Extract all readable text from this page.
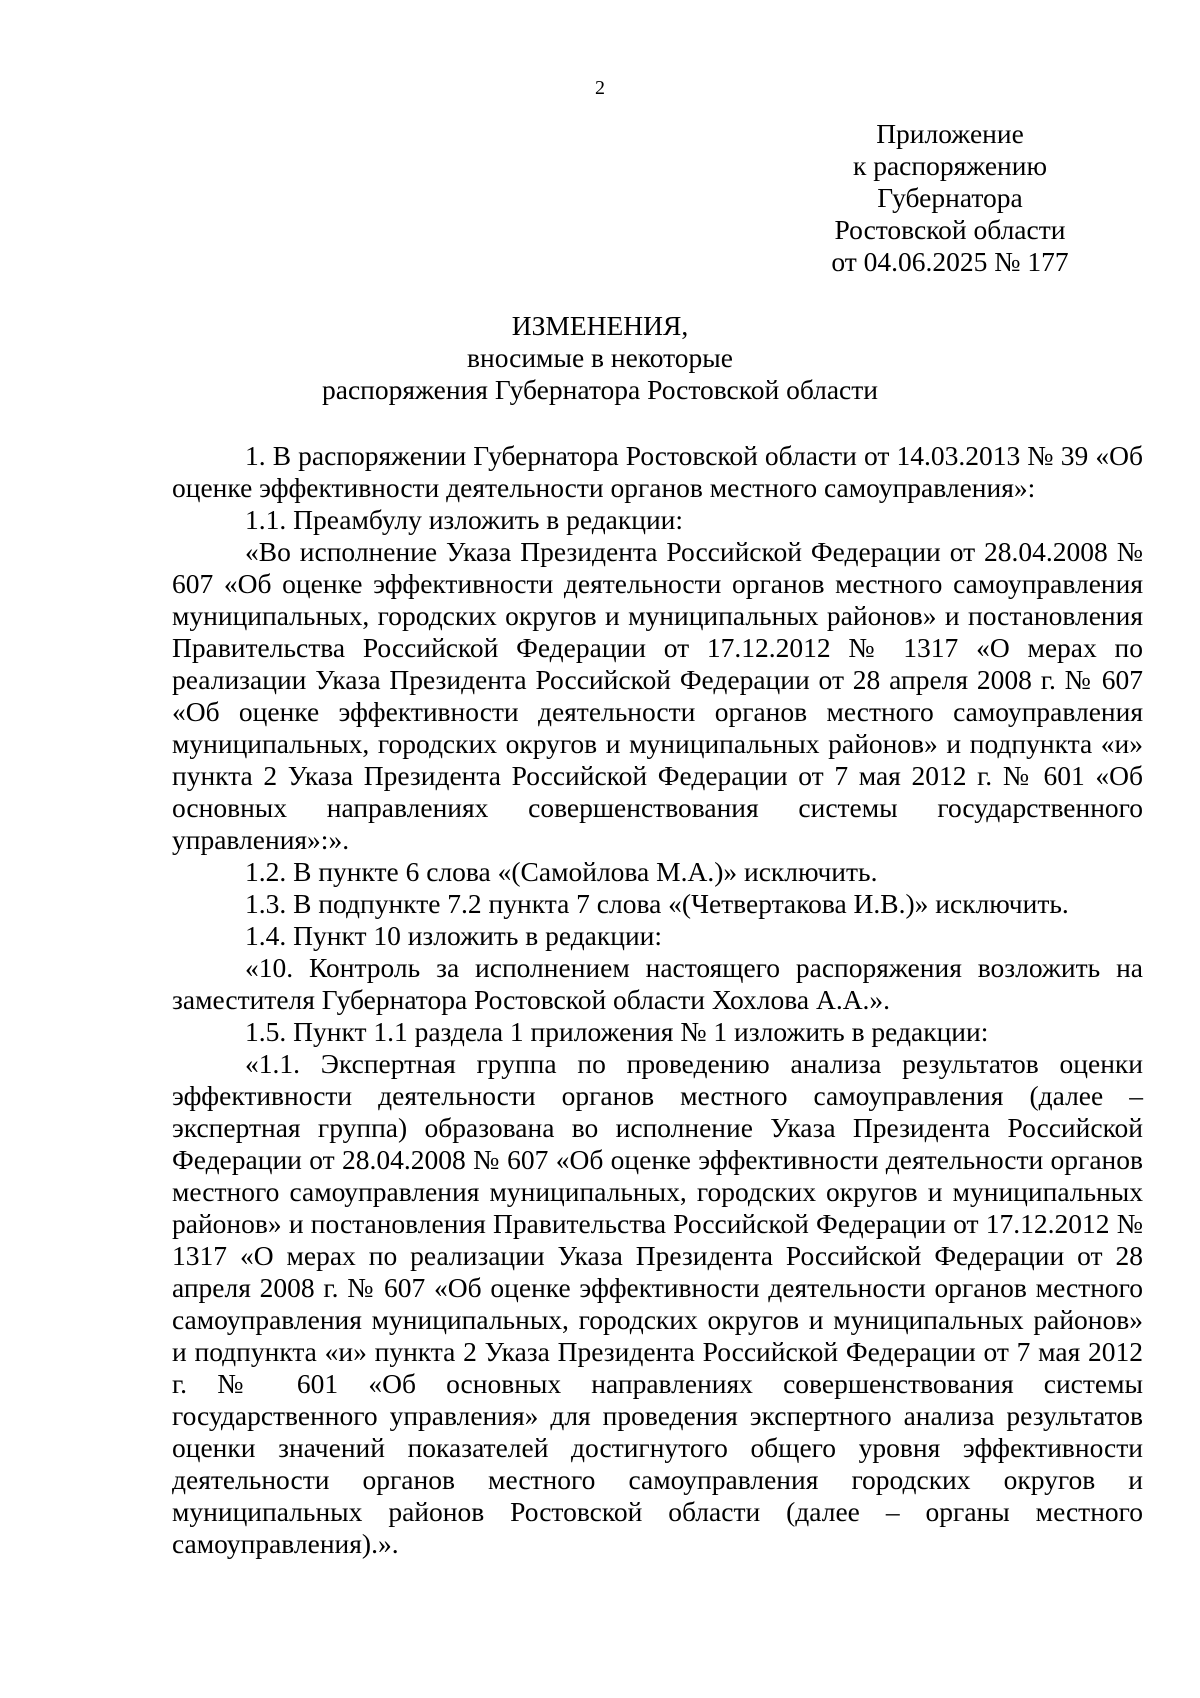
2
Приложение
к распоряжению
Губернатора
Ростовской области
от 04.06.2025 № 177
ИЗМЕНЕНИЯ,
вносимые в некоторые
распоряжения Губернатора Ростовской области

1. В распоряжении Губернатора Ростовской области от 14.03.2013 № 39 «Об оценке эффективности деятельности органов местного самоуправления»:

1.1. Преамбулу изложить в редакции:

«Во исполнение Указа Президента Российской Федерации от 28.04.2008 № 607 «Об оценке эффективности деятельности органов местного самоуправления муниципальных, городских округов и муниципальных районов» и постановления Правительства Российской Федерации от 17.12.2012 № 1317 «О мерах по реализации Указа Президента Российской Федерации от 28 апреля 2008 г. № 607 «Об оценке эффективности деятельности органов местного самоуправления муниципальных, городских округов и муниципальных районов» и подпункта «и» пункта 2 Указа Президента Российской Федерации от 7 мая 2012 г. № 601 «Об основных направлениях совершенствования системы государственного управления»:».

1.2. В пункте 6 слова «(Самойлова М.А.)» исключить.

1.3. В подпункте 7.2 пункта 7 слова «(Четвертакова И.В.)» исключить.

1.4. Пункт 10 изложить в редакции:

«10. Контроль за исполнением настоящего распоряжения возложить на заместителя Губернатора Ростовской области Хохлова А.А.».

1.5. Пункт 1.1 раздела 1 приложения № 1 изложить в редакции:

«1.1. Экспертная группа по проведению анализа результатов оценки эффективности деятельности органов местного самоуправления (далее – экспертная группа) образована во исполнение Указа Президента Российской Федерации от 28.04.2008 № 607 «Об оценке эффективности деятельности органов местного самоуправления муниципальных, городских округов и муниципальных районов» и постановления Правительства Российской Федерации от 17.12.2012 № 1317 «О мерах по реализации Указа Президента Российской Федерации от 28 апреля 2008 г. № 607 «Об оценке эффективности деятельности органов местного самоуправления муниципальных, городских округов и муниципальных районов» и подпункта «и» пункта 2 Указа Президента Российской Федерации от 7 мая 2012 г. № 601 «Об основных направлениях совершенствования системы государственного управления» для проведения экспертного анализа результатов оценки значений показателей достигнутого общего уровня эффективности деятельности органов местного самоуправления городских округов и муниципальных районов Ростовской области (далее – органы местного самоуправления).».
